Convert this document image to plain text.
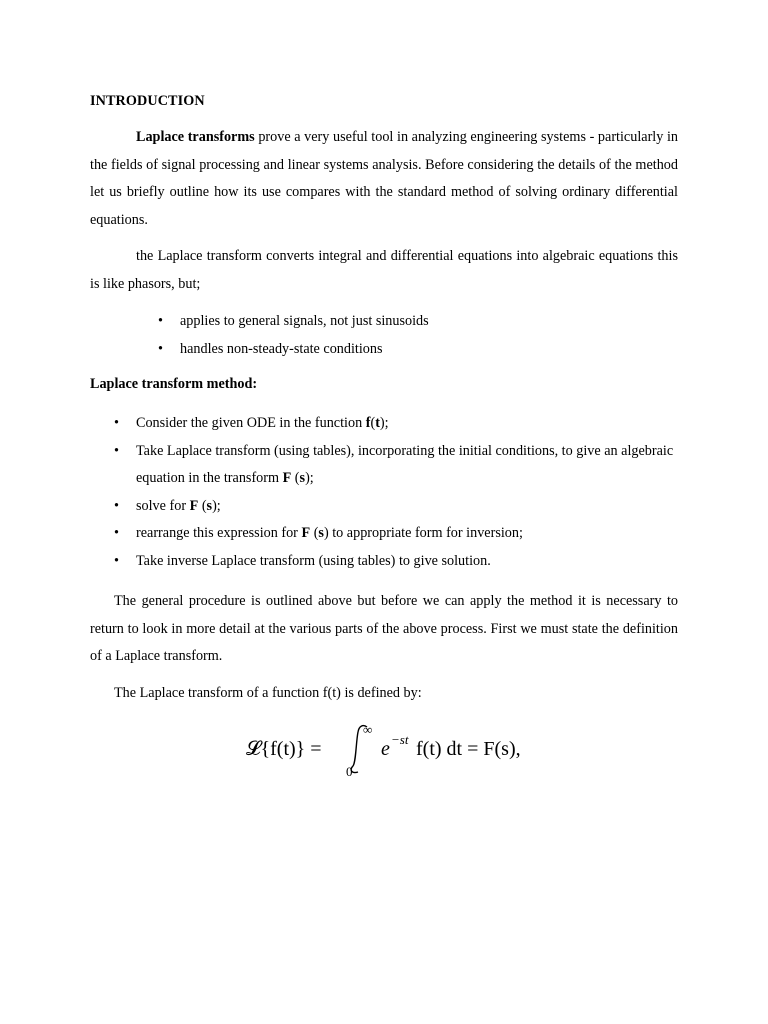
INTRODUCTION

Laplace transforms prove a very useful tool in analyzing engineering systems - particularly in the fields of signal processing and linear systems analysis. Before considering the details of the method let us briefly outline how its use compares with the standard method of solving ordinary differential equations.

the Laplace transform converts integral and differential equations into algebraic equations this is like phasors, but;

• applies to general signals, not just sinusoids
• handles non-steady-state conditions
Laplace transform method:
• Consider the given ODE in the function f(t);
• Take Laplace transform (using tables), incorporating the initial conditions, to give an algebraic equation in the transform F (s);
• solve for F (s);
• rearrange this expression for F (s) to appropriate form for inversion;
• Take inverse Laplace transform (using tables) to give solution.

The general procedure is outlined above but before we can apply the method it is necessary to return to look in more detail at the various parts of the above process. First we must state the definition of a Laplace transform.

The Laplace transform of a function f(t) is defined by:

𝓛{f(t)} =
∞
0
e −st f(t) dt = F(s),
